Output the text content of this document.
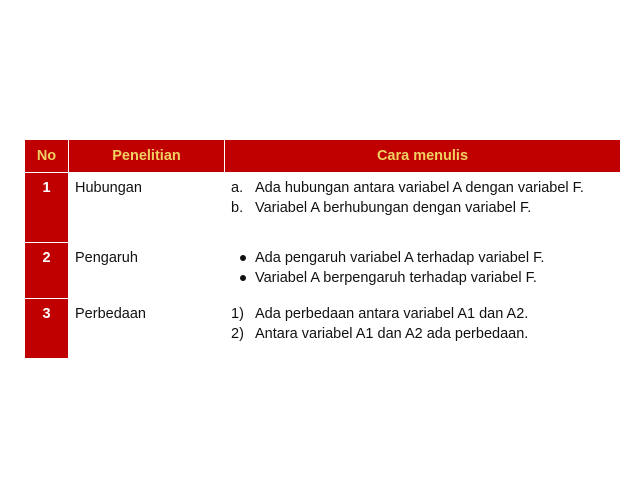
No	Penelitian	Cara menulis
1	Hubungan	a. Ada hubungan antara variabel A dengan variabel F.
b. Variabel A berhubungan dengan variabel F.

2	Pengaruh	Ada pengaruh variabel A terhadap variabel F.
Variabel A berpengaruh terhadap variabel F.

3	Perbedaan	1) Ada perbedaan antara variabel A1 dan A2.
2) Antara variabel A1 dan A2 ada perbedaan.
